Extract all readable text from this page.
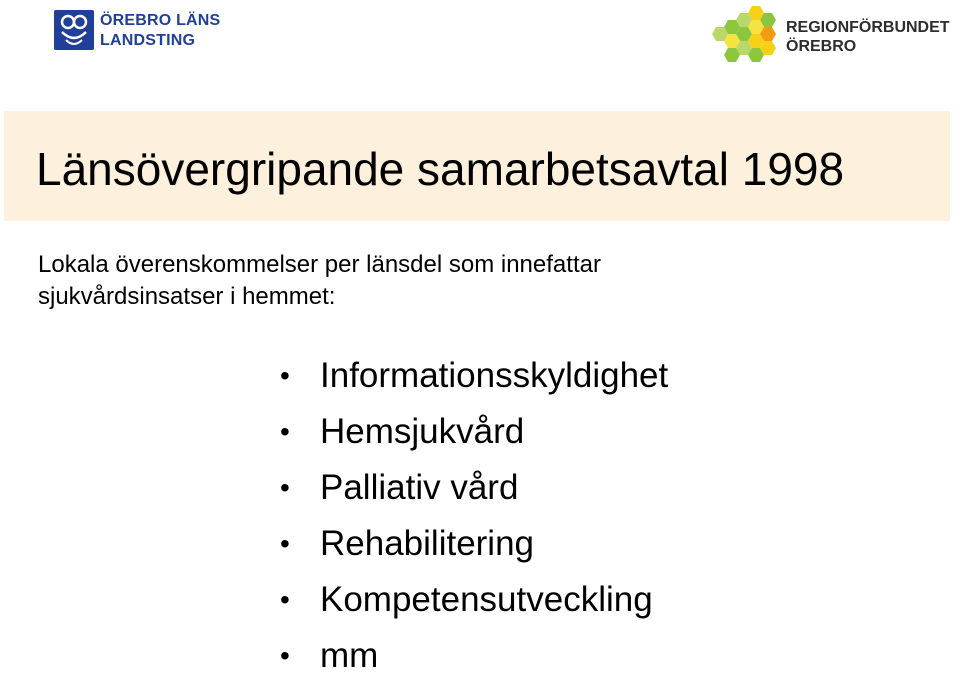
ÖREBRO LÄNS
LANDSTING
REGIONFÖRBUNDET
ÖREBRO
Länsövergripande samarbetsavtal 1998

Lokala överenskommelser per länsdel som innefattar
sjukvårdsinsatser i hemmet:

• Informationsskyldighet
• Hemsjukvård
• Palliativ vård
• Rehabilitering
• Kompetensutveckling
• mm
